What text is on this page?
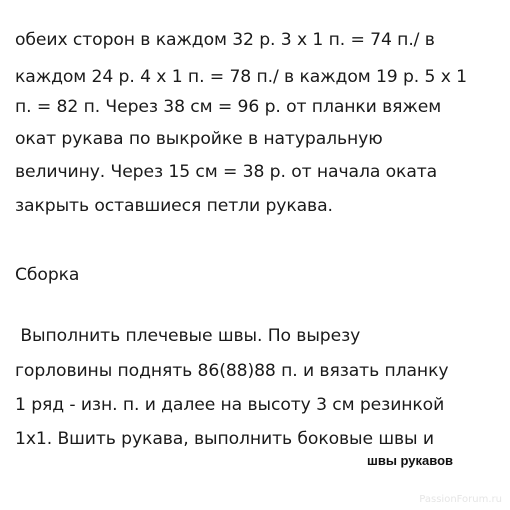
обеих сторон в каждом 32 р. 3 х 1 п. = 74 п./ в
каждом 24 р. 4 х 1 п. = 78 п./ в каждом 19 р. 5 х 1
п. = 82 п. Через 38 см = 96 р. от планки вяжем
окат рукава по выкройке в натуральную
величину. Через 15 см = 38 р. от начала оката
закрыть оставшиеся петли рукава.
Сборка
Выполнить плечевые швы. По вырезу
горловины поднять 86(88)88 п. и вязать планку
1 ряд - изн. п. и далее на высоту 3 см резинкой
1х1. Вшить рукава, выполнить боковые швы и
швы рукавов
PassionForum.ru
